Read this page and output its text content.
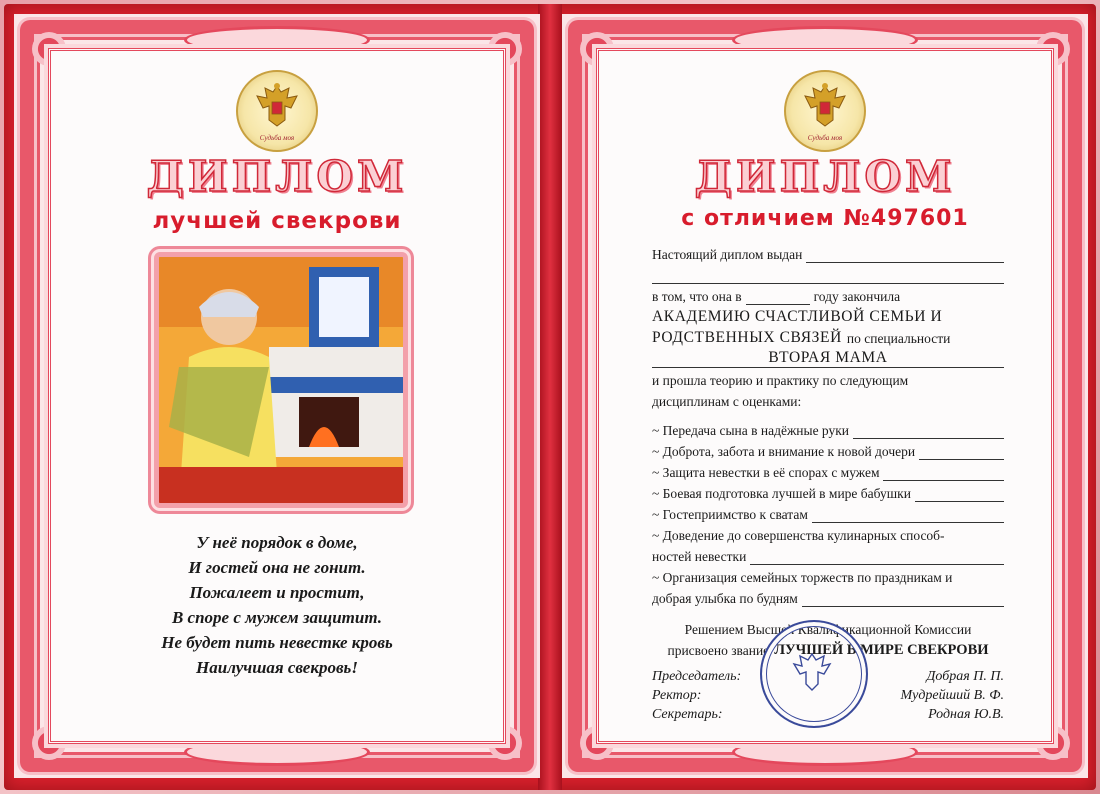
Судьба моя
ДИПЛОМ
лучшей свекрови
У неё порядок в доме,
И гостей она не гонит.
Пожалеет и простит,
В споре с мужем защитит.
Не будет пить невестке кровь
Наилучшая свекровь!
Судьба моя
ДИПЛОМ
с отличием №497601
Настоящий диплом выдан
в том, что она в	году закончила
АКАДЕМИЮ СЧАСТЛИВОЙ СЕМЬИ И
РОДСТВЕННЫХ СВЯЗЕЙ по специальности
ВТОРАЯ МАМА
и прошла теорию и практику по следующим
дисциплинам с оценками:
~ Передача сына в надёжные руки
~ Доброта, забота и внимание к новой дочери
~ Защита невестки в её спорах с мужем
~ Боевая подготовка лучшей в мире бабушки
~ Гостеприимство к сватам
~ Доведение до совершенства кулинарных способ-
ностей невестки
~ Организация семейных торжеств по праздникам и
добрая улыбка по будням
Решением Высшей Квалификационной Комиссии
присвоено звание ЛУЧШЕЙ В МИРЕ СВЕКРОВИ
Председатель:	Добрая П. П.
Ректор:	Мудрейший В. Ф.
Секретарь:	Родная Ю.В.
